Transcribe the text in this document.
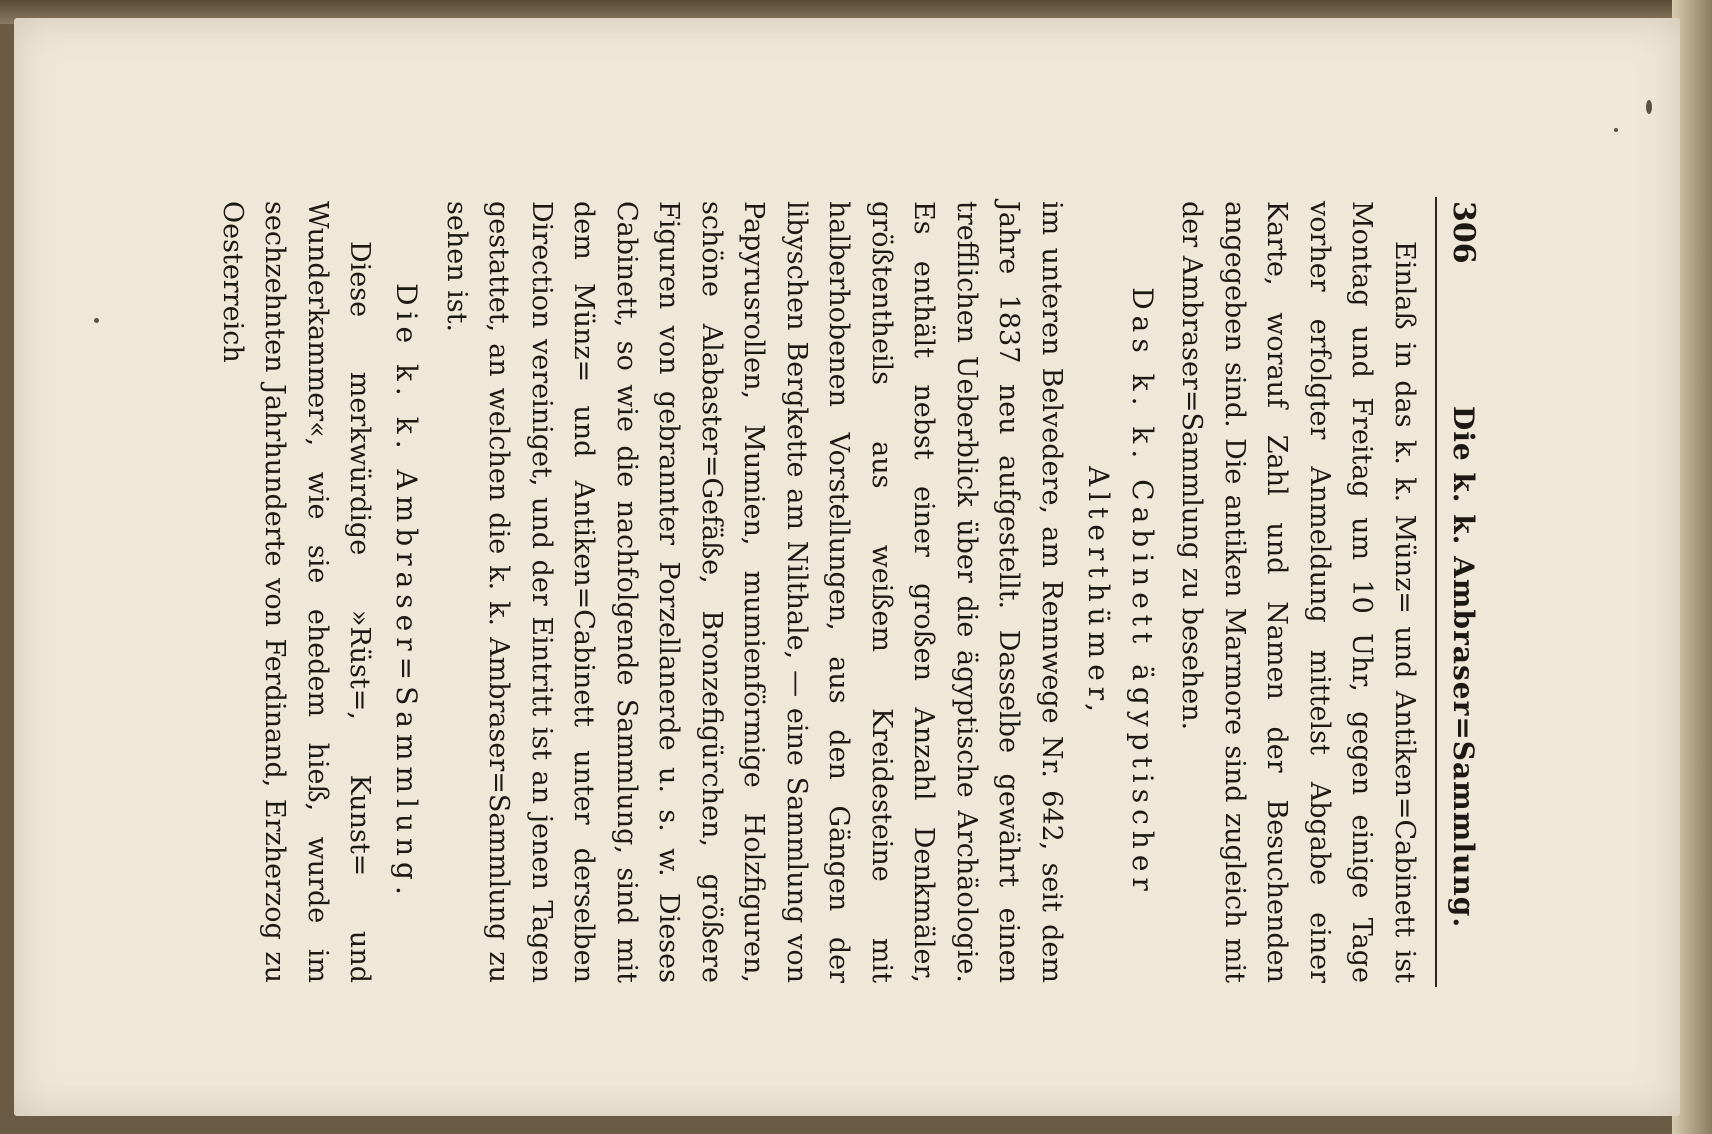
306
Die k. k. Ambraser=Sammlung.

Einlaß in das k. k. Münz= und Antiken=Cabinett ist Montag und Freitag um 10 Uhr, gegen einige Tage vorher erfolgter Anmeldung mittelst Abgabe einer Karte, worauf Zahl und Namen der Besuchenden angegeben sind. Die antiken Marmore sind zugleich mit der Ambraser=Sammlung zu besehen.

Das k. k. Cabinett ägyptischer Alterthümer,

im unteren Belvedere, am Rennwege Nr. 642, seit dem Jahre 1837 neu aufgestellt. Dasselbe gewährt einen trefflichen Ueberblick über die ägyptische Archäologie. Es enthält nebst einer großen Anzahl Denkmäler, größtentheils aus weißem Kreidesteine mit halberhobenen Vorstellungen, aus den Gängen der libyschen Bergkette am Nilthale, — eine Sammlung von Papyrusrollen, Mumien, mumienförmige Holzfiguren, schöne Alabaster=Gefäße, Bronzefigürchen, größere Figuren von gebrannter Porzellanerde u. s. w. Dieses Cabinett, so wie die nachfolgende Sammlung, sind mit dem Münz= und Antiken=Cabinett unter derselben Direction vereiniget, und der Eintritt ist an jenen Tagen gestattet, an welchen die k. k. Ambraser=Sammlung zu sehen ist.

Die k. k. Ambraser=Sammlung.

Diese merkwürdige »Rüst=, Kunst= und Wunderkammer«, wie sie ehedem hieß, wurde im sechzehnten Jahrhunderte von Ferdinand, Erzherzog zu Oesterreich
